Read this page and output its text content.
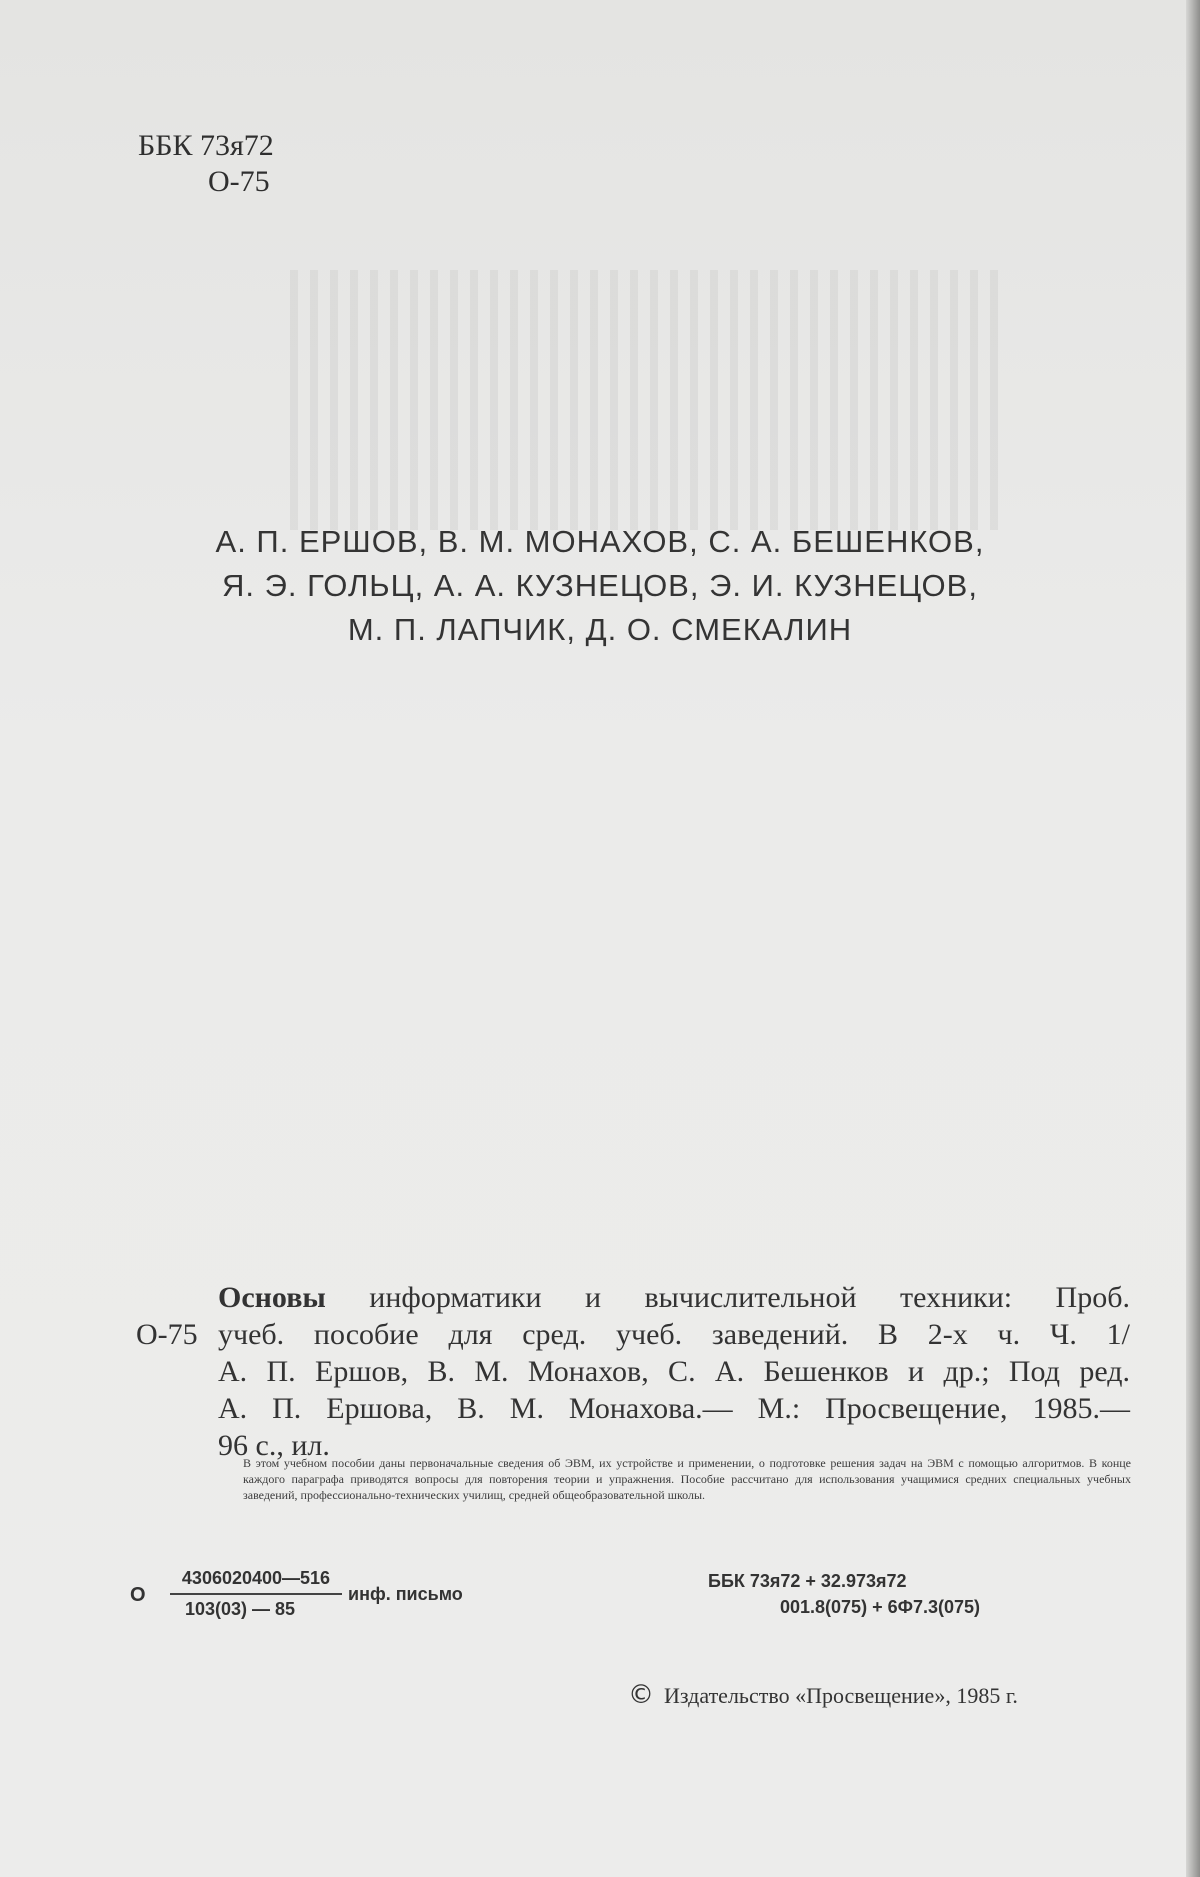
ББК 73я72
О-75
А. П. ЕРШОВ, В. М. МОНАХОВ, С. А. БЕШЕНКОВ,
Я. Э. ГОЛЬЦ, А. А. КУЗНЕЦОВ, Э. И. КУЗНЕЦОВ,
М. П. ЛАПЧИК, Д. О. СМЕКАЛИН
О-75
Основы информатики и вычислительной техники: Проб.
учеб. пособие для сред. учеб. заведений. В 2-х ч. Ч. 1/
А. П. Ершов, В. М. Монахов, С. А. Бешенков и др.; Под ред.
А. П. Ершова, В. М. Монахова.— М.: Просвещение, 1985.—
96 с., ил.

В этом учебном пособии даны первоначальные сведения об ЭВМ, их устройстве и применении, о подготовке решения задач на ЭВМ с помощью алгоритмов. В конце каждого параграфа приводятся вопросы для повторения теории и упражнения. Пособие рассчитано для использования учащимися средних специальных учебных заведений, профессионально-технических училищ, средней общеобразовательной школы.

О $\frac{4306020400—516}{103(03) — 85}$ инф. письмо
ББК 73я72 + 32.973я72
001.8(075) + 6Ф7.3(075)
© Издательство «Просвещение», 1985 г.
